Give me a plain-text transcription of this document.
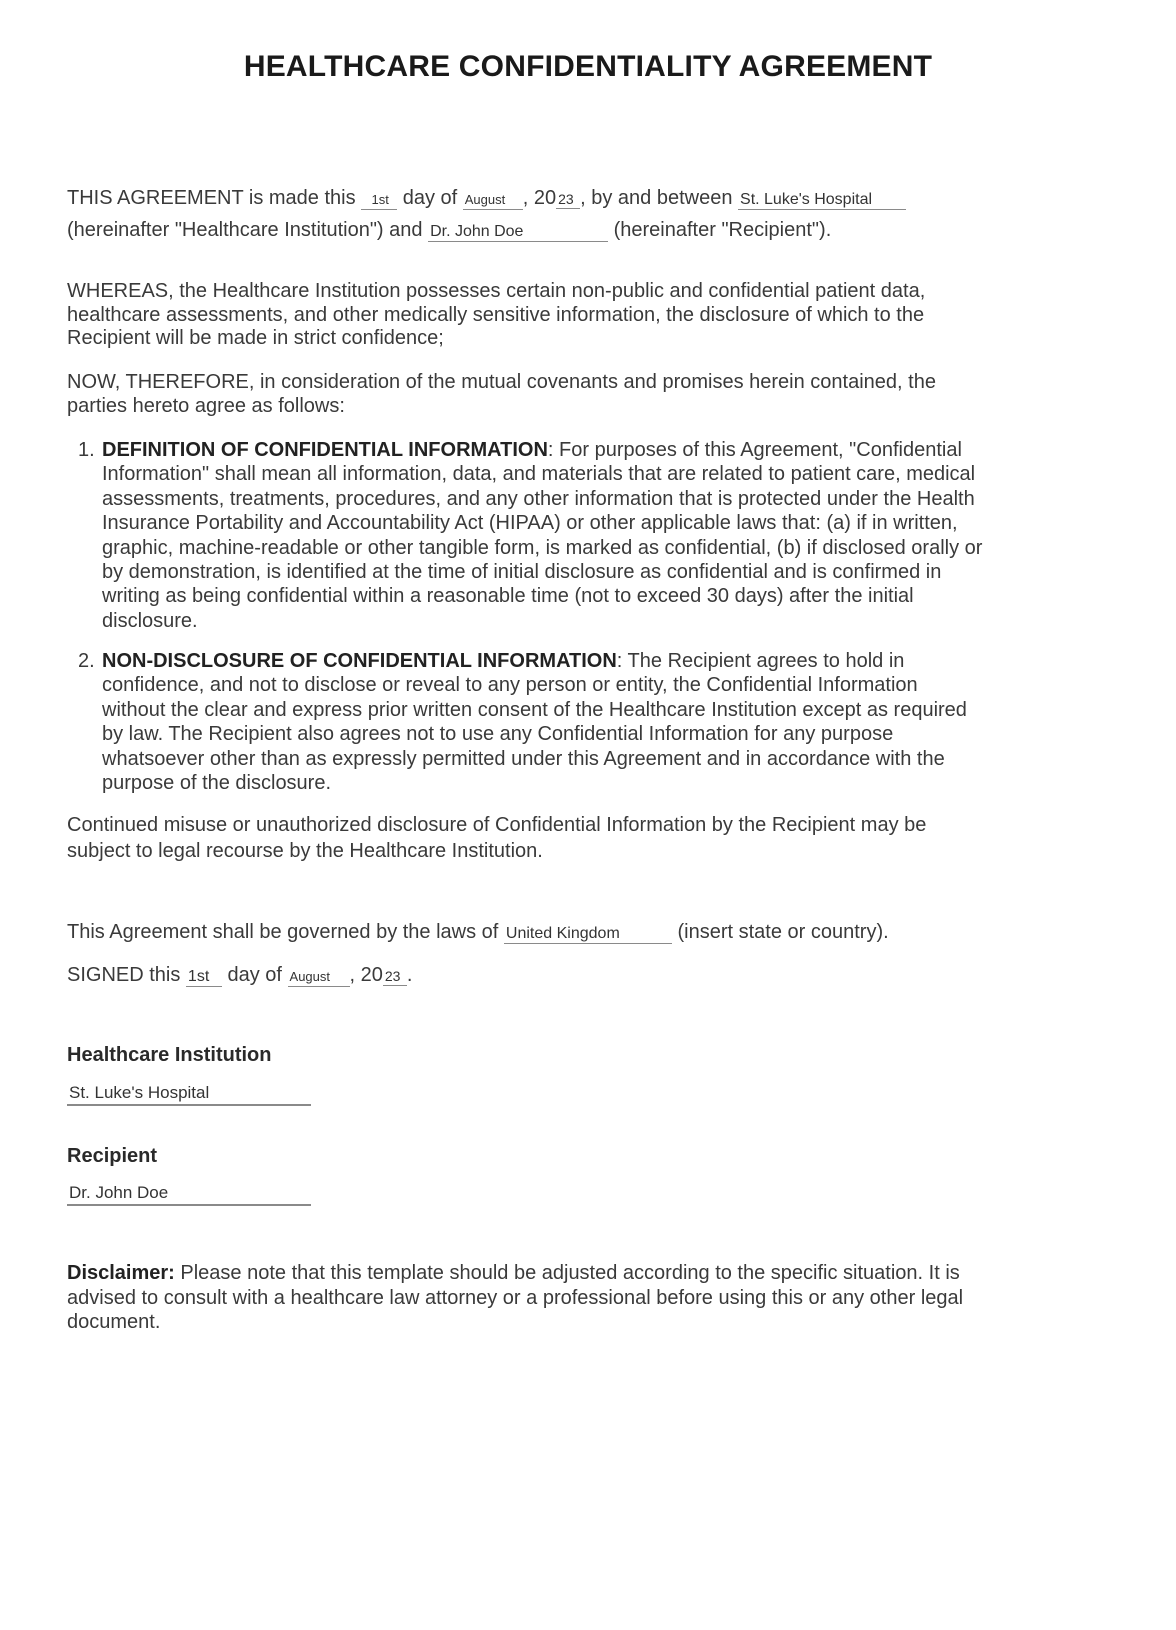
HEALTHCARE CONFIDENTIALITY AGREEMENT
THIS AGREEMENT is made this 1st day of August , 20 23 , by and between St. Luke's Hospital
(hereinafter "Healthcare Institution") and Dr. John Doe	(hereinafter "Recipient").
WHEREAS, the Healthcare Institution possesses certain non-public and confidential patient data,
healthcare assessments, and other medically sensitive information, the disclosure of which to the
Recipient will be made in strict confidence;
NOW, THEREFORE, in consideration of the mutual covenants and promises herein contained, the
parties hereto agree as follows:
1. DEFINITION OF CONFIDENTIAL INFORMATION: For purposes of this Agreement, "Confidential
Information" shall mean all information, data, and materials that are related to patient care, medical
assessments, treatments, procedures, and any other information that is protected under the Health
Insurance Portability and Accountability Act (HIPAA) or other applicable laws that: (a) if in written,
graphic, machine-readable or other tangible form, is marked as confidential, (b) if disclosed orally or
by demonstration, is identified at the time of initial disclosure as confidential and is confirmed in
writing as being confidential within a reasonable time (not to exceed 30 days) after the initial
disclosure.
2. NON-DISCLOSURE OF CONFIDENTIAL INFORMATION: The Recipient agrees to hold in
confidence, and not to disclose or reveal to any person or entity, the Confidential Information
without the clear and express prior written consent of the Healthcare Institution except as required
by law. The Recipient also agrees not to use any Confidential Information for any purpose
whatsoever other than as expressly permitted under this Agreement and in accordance with the
purpose of the disclosure.
Continued misuse or unauthorized disclosure of Confidential Information by the Recipient may be
subject to legal recourse by the Healthcare Institution.
This Agreement shall be governed by the laws of United Kingdom	(insert state or country).
SIGNED this 1st day of August , 20 23 .
Healthcare Institution
St. Luke's Hospital
Recipient
Dr. John Doe
Disclaimer: Please note that this template should be adjusted according to the specific situation. It is
advised to consult with a healthcare law attorney or a professional before using this or any other legal
document.
